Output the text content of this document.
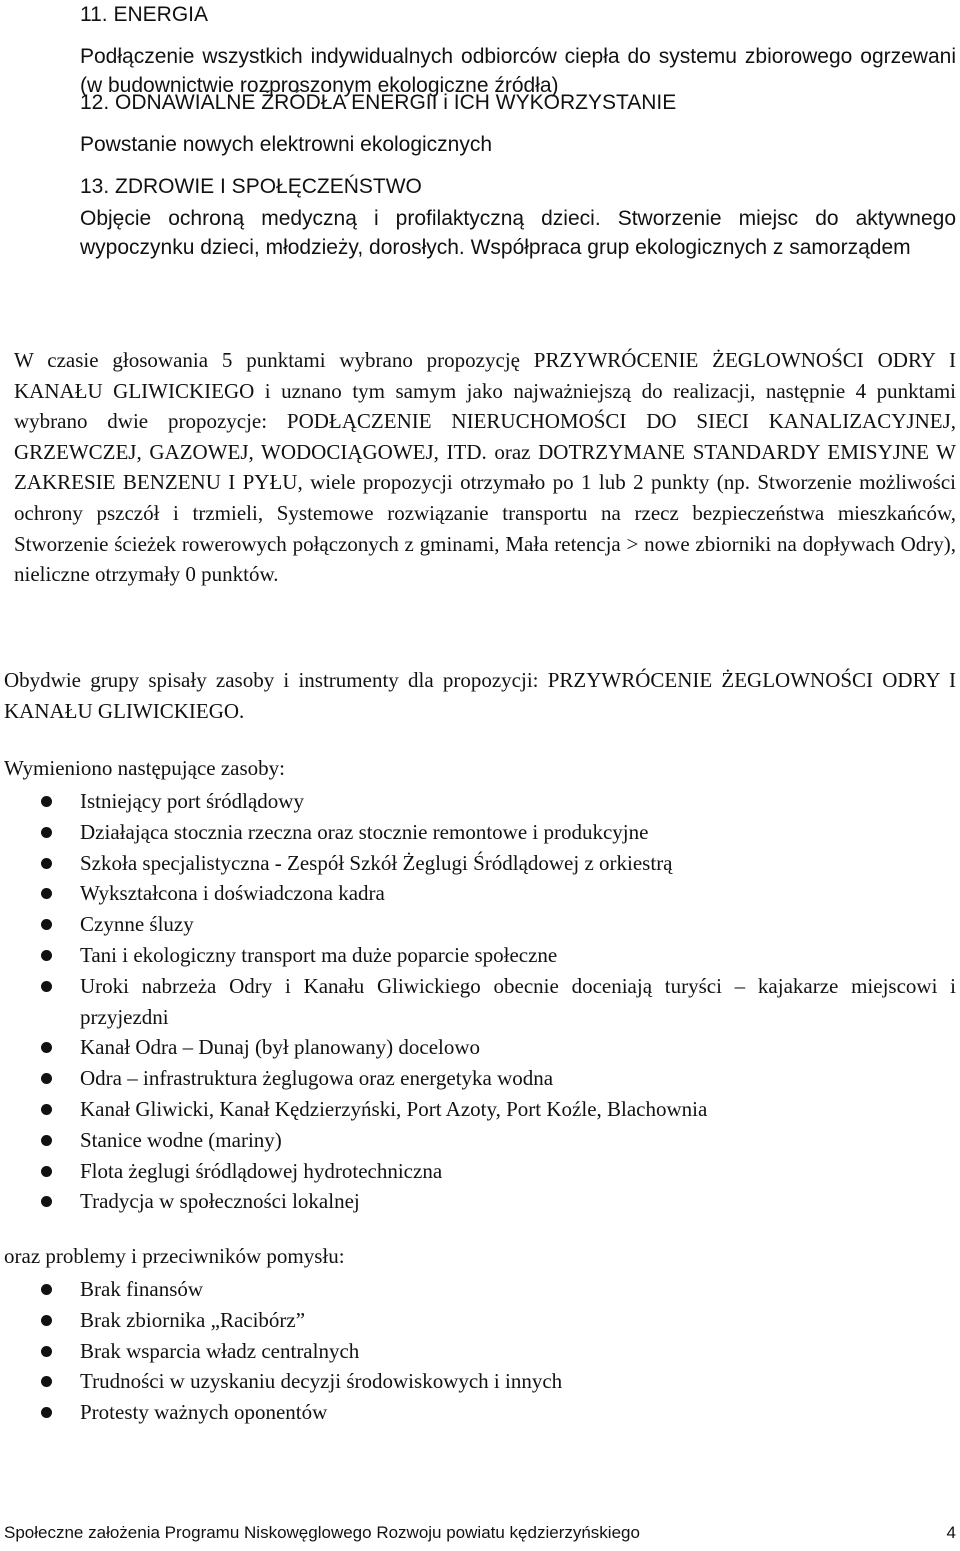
11. ENERGIA

Podłączenie wszystkich indywidualnych odbiorców ciepła do systemu zbiorowego ogrzewani (w budownictwie rozproszonym ekologiczne źródła)

12. ODNAWIALNE ŹRÓDŁA ENERGII i ICH WYKORZYSTANIE

Powstanie nowych elektrowni ekologicznych

13. ZDROWIE I SPOŁĘCZEŃSTWO

Objęcie ochroną medyczną i profilaktyczną dzieci. Stworzenie miejsc do aktywnego wypoczynku dzieci, młodzieży, dorosłych. Współpraca grup ekologicznych z samorządem

W czasie głosowania 5 punktami wybrano propozycję PRZYWRÓCENIE ŻEGLOWNOŚCI ODRY I KANAŁU GLIWICKIEGO i uznano tym samym jako najważniejszą do realizacji, następnie 4 punktami wybrano dwie propozycje: PODŁĄCZENIE NIERUCHOMOŚCI DO SIECI KANALIZACYJNEJ, GRZEWCZEJ, GAZOWEJ, WODOCIĄGOWEJ, ITD. oraz DOTRZYMANE STANDARDY EMISYJNE W ZAKRESIE BENZENU I PYŁU, wiele propozycji otrzymało po 1 lub 2 punkty (np. Stworzenie możliwości ochrony pszczół i trzmieli, Systemowe rozwiązanie transportu na rzecz bezpieczeństwa mieszkańców, Stworzenie ścieżek rowerowych połączonych z gminami, Mała retencja > nowe zbiorniki na dopływach Odry), nieliczne otrzymały 0 punktów.

Obydwie grupy spisały zasoby i instrumenty dla propozycji: PRZYWRÓCENIE ŻEGLOWNOŚCI ODRY I KANAŁU GLIWICKIEGO.

Wymieniono następujące zasoby:
Istniejący port śródlądowy
Działająca stocznia rzeczna oraz stocznie remontowe i produkcyjne
Szkoła specjalistyczna - Zespół Szkół Żeglugi Śródlądowej z orkiestrą
Wykształcona i doświadczona kadra
Czynne śluzy
Tani i ekologiczny transport ma duże poparcie społeczne
Uroki nabrzeża Odry i Kanału Gliwickiego obecnie doceniają turyści – kajakarze miejscowi i przyjezdni
Kanał Odra – Dunaj (był planowany) docelowo
Odra – infrastruktura żeglugowa oraz energetyka wodna
Kanał Gliwicki, Kanał Kędzierzyński, Port Azoty, Port Koźle, Blachownia
Stanice wodne (mariny)
Flota żeglugi śródlądowej hydrotechniczna
Tradycja w społeczności lokalnej
oraz problemy i przeciwników pomysłu:
Brak finansów
Brak zbiornika „Racibórz”
Brak wsparcia władz centralnych
Trudności w uzyskaniu decyzji środowiskowych i innych
Protesty ważnych oponentów
Społeczne założenia Programu Niskowęglowego Rozwoju powiatu kędzierzyńskiego	4
